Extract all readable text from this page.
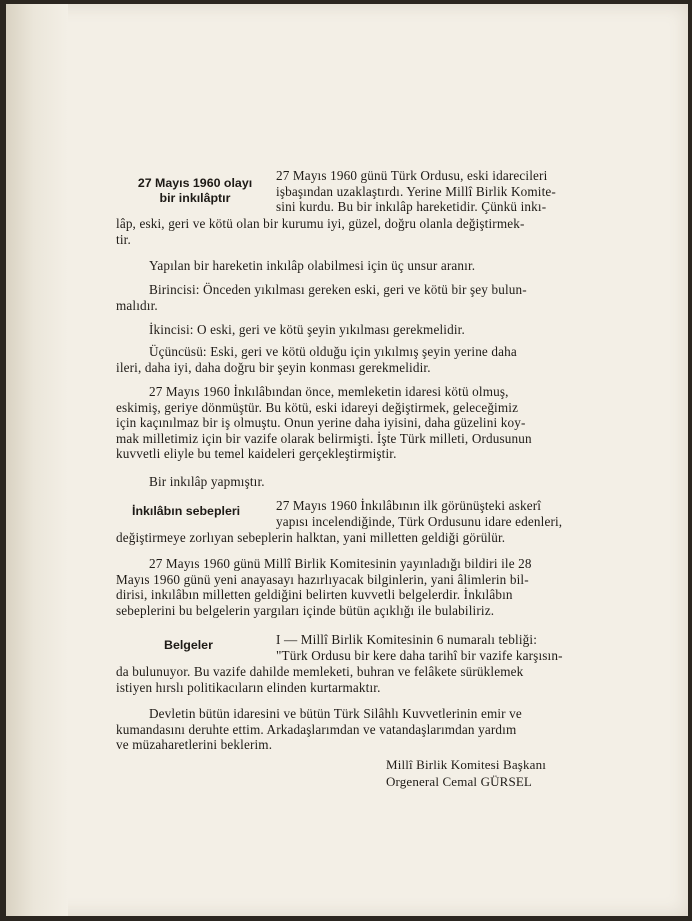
27 Mayıs 1960 olayı
bir inkılâptır

27 Mayıs 1960 günü Türk Ordusu, eski idarecileri

işbaşından uzaklaştırdı. Yerine Millî Birlik Komite-

sini kurdu. Bu bir inkılâp hareketidir. Çünkü inkı-

lâp, eski, geri ve kötü olan bir kurumu iyi, güzel, doğru olanla değiştirmek-

tir.

Yapılan bir hareketin inkılâp olabilmesi için üç unsur aranır.

Birincisi: Önceden yıkılması gereken eski, geri ve kötü bir şey bulun-

malıdır.

İkincisi: O eski, geri ve kötü şeyin yıkılması gerekmelidir.

Üçüncüsü: Eski, geri ve kötü olduğu için yıkılmış şeyin yerine daha

ileri, daha iyi, daha doğru bir şeyin konması gerekmelidir.

27 Mayıs 1960 İnkılâbından önce, memleketin idaresi kötü olmuş,

eskimiş, geriye dönmüştür. Bu kötü, eski idareyi değiştirmek, geleceğimiz

için kaçınılmaz bir iş olmuştu. Onun yerine daha iyisini, daha güzelini koy-

mak milletimiz için bir vazife olarak belirmişti. İşte Türk milleti, Ordusunun

kuvvetli eliyle bu temel kaideleri gerçekleştirmiştir.

Bir inkılâp yapmıştır.

İnkılâbın sebepleri	27 Mayıs 1960 İnkılâbının ilk görünüşteki askerî

yapısı incelendiğinde, Türk Ordusunu idare edenleri,

değiştirmeye zorlıyan sebeplerin halktan, yani milletten geldiği görülür.

27 Mayıs 1960 günü Millî Birlik Komitesinin yayınladığı bildiri ile 28

Mayıs 1960 günü yeni anayasayı hazırlıyacak bilginlerin, yani âlimlerin bil-

dirisi, inkılâbın milletten geldiğini belirten kuvvetli belgelerdir. İnkılâbın

sebeplerini bu belgelerin yargıları içinde bütün açıklığı ile bulabiliriz.

Belgeler	I — Millî Birlik Komitesinin 6 numaralı tebliği:

"Türk Ordusu bir kere daha tarihî bir vazife karşısın-

da bulunuyor. Bu vazife dahilde memleketi, buhran ve felâkete sürüklemek

istiyen hırslı politikacıların elinden kurtarmaktır.

Devletin bütün idaresini ve bütün Türk Silâhlı Kuvvetlerinin emir ve

kumandasını deruhte ettim. Arkadaşlarımdan ve vatandaşlarımdan yardım

ve müzaharetlerini beklerim.

Millî Birlik Komitesi Başkanı

Orgeneral Cemal GÜRSEL
